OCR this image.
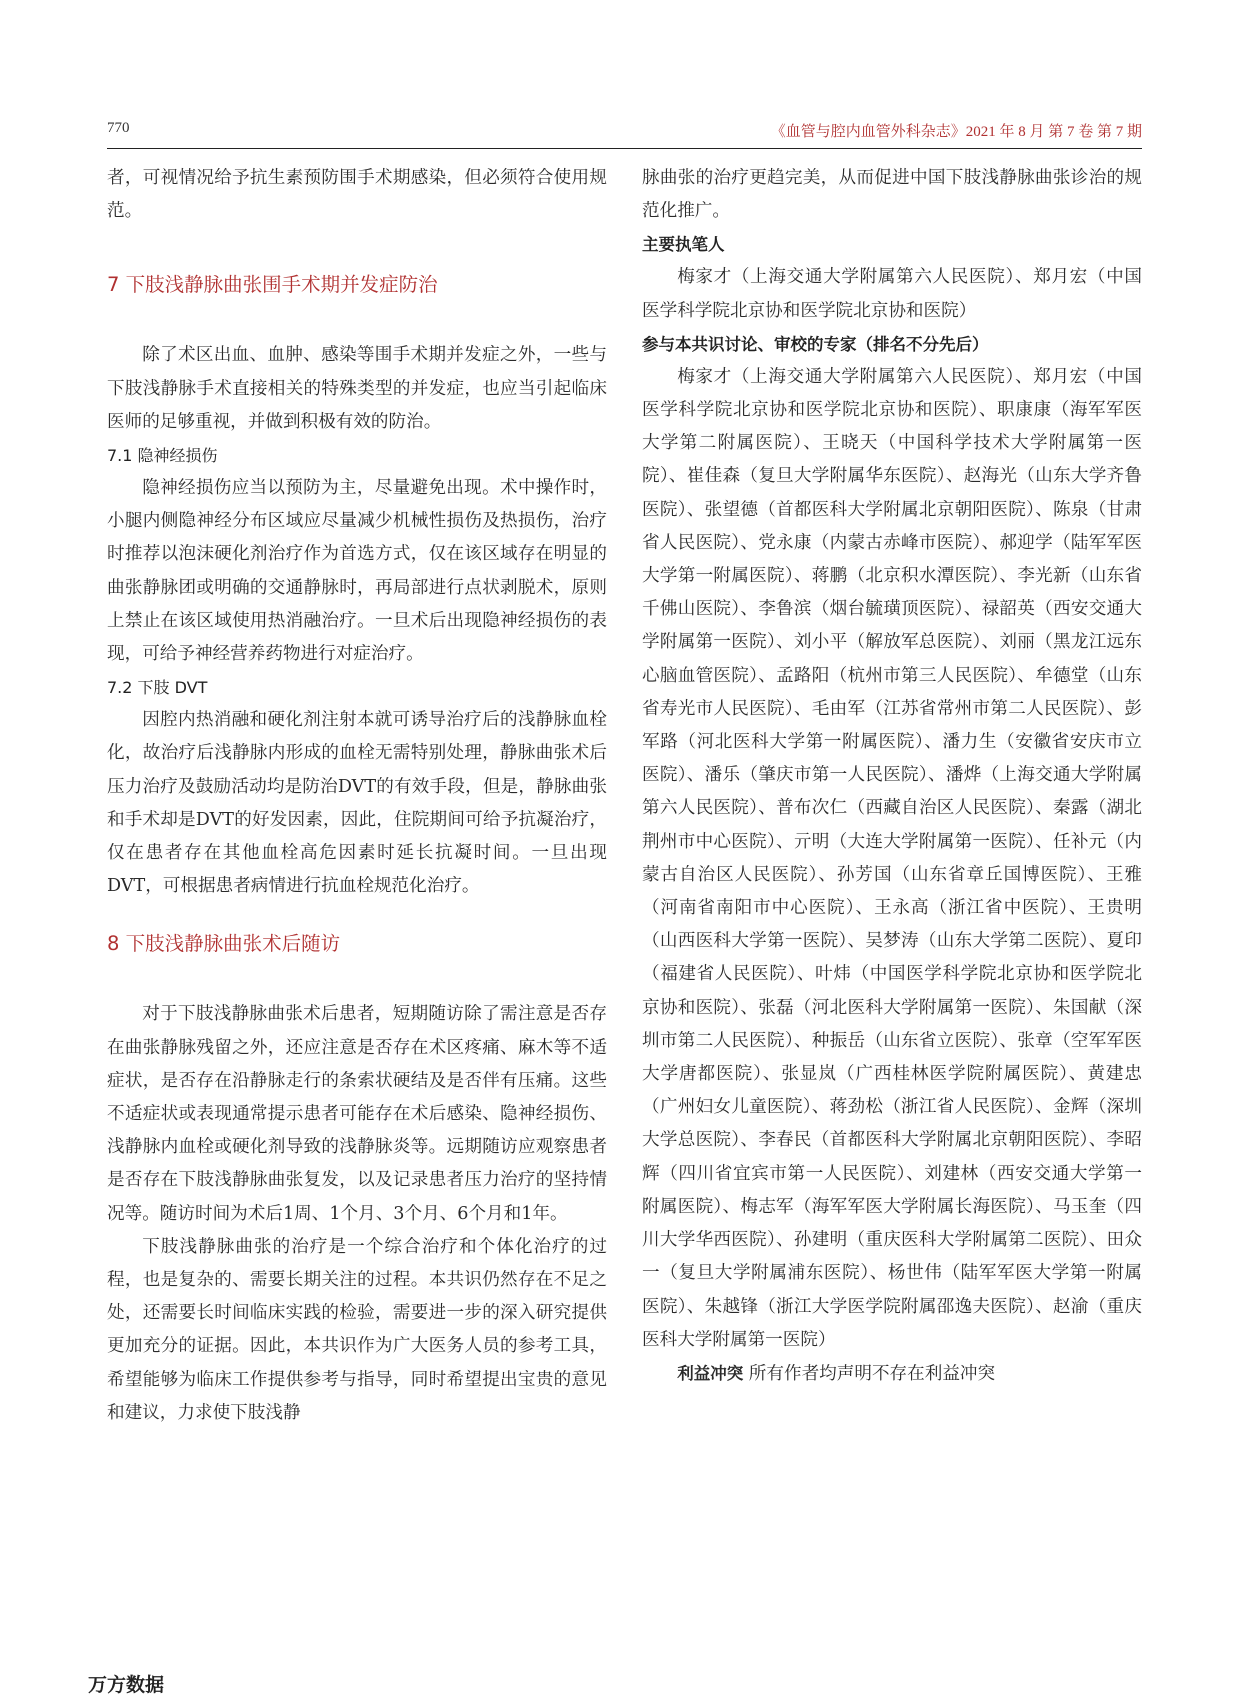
770	《血管与腔内血管外科杂志》2021 年 8 月 第 7 卷 第 7 期

者，可视情况给予抗生素预防围手术期感染，但必须符合使用规范。

7 下肢浅静脉曲张围手术期并发症防治

除了术区出血、血肿、感染等围手术期并发症之外，一些与下肢浅静脉手术直接相关的特殊类型的并发症，也应当引起临床医师的足够重视，并做到积极有效的防治。

7.1 隐神经损伤

隐神经损伤应当以预防为主，尽量避免出现。术中操作时，小腿内侧隐神经分布区域应尽量减少机械性损伤及热损伤，治疗时推荐以泡沫硬化剂治疗作为首选方式，仅在该区域存在明显的曲张静脉团或明确的交通静脉时，再局部进行点状剥脱术，原则上禁止在该区域使用热消融治疗。一旦术后出现隐神经损伤的表现，可给予神经营养药物进行对症治疗。

7.2 下肢 DVT

因腔内热消融和硬化剂注射本就可诱导治疗后的浅静脉血栓化，故治疗后浅静脉内形成的血栓无需特别处理，静脉曲张术后压力治疗及鼓励活动均是防治DVT的有效手段，但是，静脉曲张和手术却是DVT的好发因素，因此，住院期间可给予抗凝治疗，仅在患者存在其他血栓高危因素时延长抗凝时间。一旦出现DVT，可根据患者病情进行抗血栓规范化治疗。

8 下肢浅静脉曲张术后随访

对于下肢浅静脉曲张术后患者，短期随访除了需注意是否存在曲张静脉残留之外，还应注意是否存在术区疼痛、麻木等不适症状，是否存在沿静脉走行的条索状硬结及是否伴有压痛。这些不适症状或表现通常提示患者可能存在术后感染、隐神经损伤、浅静脉内血栓或硬化剂导致的浅静脉炎等。远期随访应观察患者是否存在下肢浅静脉曲张复发，以及记录患者压力治疗的坚持情况等。随访时间为术后1周、1个月、3个月、6个月和1年。

下肢浅静脉曲张的治疗是一个综合治疗和个体化治疗的过程，也是复杂的、需要长期关注的过程。本共识仍然存在不足之处，还需要长时间临床实践的检验，需要进一步的深入研究提供更加充分的证据。因此，本共识作为广大医务人员的参考工具，希望能够为临床工作提供参考与指导，同时希望提出宝贵的意见和建议，力求使下肢浅静

脉曲张的治疗更趋完美，从而促进中国下肢浅静脉曲张诊治的规范化推广。

主要执笔人

梅家才（上海交通大学附属第六人民医院）、郑月宏（中国医学科学院北京协和医学院北京协和医院）

参与本共识讨论、审校的专家（排名不分先后）

梅家才（上海交通大学附属第六人民医院）、郑月宏（中国医学科学院北京协和医学院北京协和医院）、职康康（海军军医大学第二附属医院）、王晓天（中国科学技术大学附属第一医院）、崔佳森（复旦大学附属华东医院）、赵海光（山东大学齐鲁医院）、张望德（首都医科大学附属北京朝阳医院）、陈泉（甘肃省人民医院）、党永康（内蒙古赤峰市医院）、郝迎学（陆军军医大学第一附属医院）、蒋鹏（北京积水潭医院）、李光新（山东省千佛山医院）、李鲁滨（烟台毓璜顶医院）、禄韶英（西安交通大学附属第一医院）、刘小平（解放军总医院）、刘丽（黑龙江远东心脑血管医院）、孟路阳（杭州市第三人民医院）、牟德堂（山东省寿光市人民医院）、毛由军（江苏省常州市第二人民医院）、彭军路（河北医科大学第一附属医院）、潘力生（安徽省安庆市立医院）、潘乐（肇庆市第一人民医院）、潘烨（上海交通大学附属第六人民医院）、普布次仁（西藏自治区人民医院）、秦露（湖北荆州市中心医院）、亓明（大连大学附属第一医院）、任补元（内蒙古自治区人民医院）、孙芳国（山东省章丘国博医院）、王雅（河南省南阳市中心医院）、王永高（浙江省中医院）、王贵明（山西医科大学第一医院）、吴梦涛（山东大学第二医院）、夏印（福建省人民医院）、叶炜（中国医学科学院北京协和医学院北京协和医院）、张磊（河北医科大学附属第一医院）、朱国献（深圳市第二人民医院）、种振岳（山东省立医院）、张章（空军军医大学唐都医院）、张显岚（广西桂林医学院附属医院）、黄建忠（广州妇女儿童医院）、蒋劲松（浙江省人民医院）、金辉（深圳大学总医院）、李春民（首都医科大学附属北京朝阳医院）、李昭辉（四川省宜宾市第一人民医院）、刘建林（西安交通大学第一附属医院）、梅志军（海军军医大学附属长海医院）、马玉奎（四川大学华西医院）、孙建明（重庆医科大学附属第二医院）、田众一（复旦大学附属浦东医院）、杨世伟（陆军军医大学第一附属医院）、朱越锋（浙江大学医学院附属邵逸夫医院）、赵渝（重庆医科大学附属第一医院）

利益冲突 所有作者均声明不存在利益冲突

万方数据
